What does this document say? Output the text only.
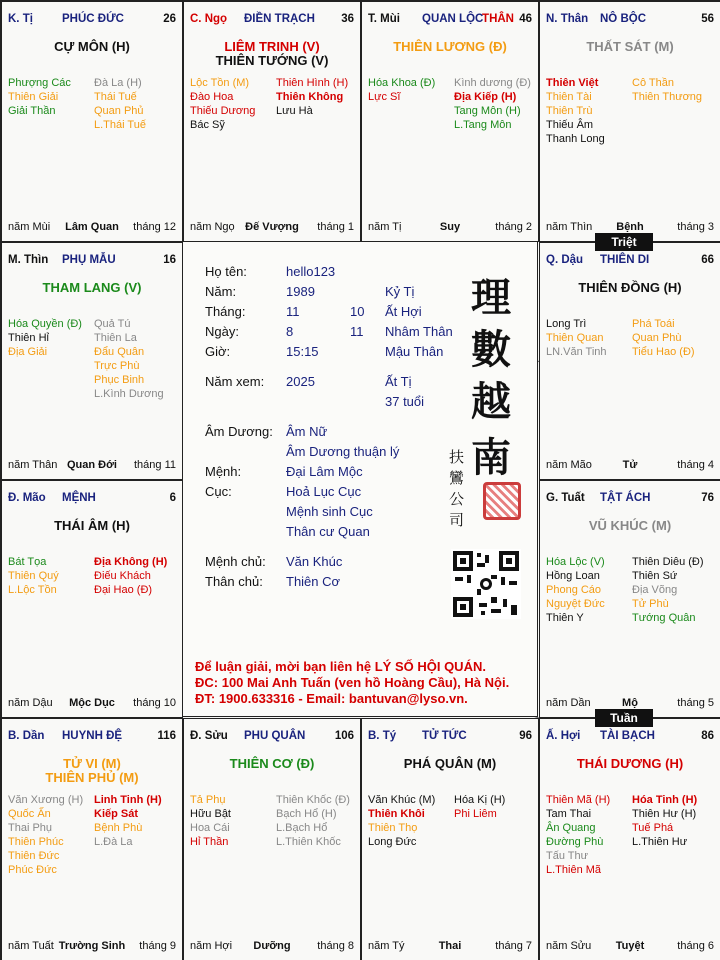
K. Tị	PHÚC ĐỨC	26
CỰ MÔN (H)
Phượng Các
Thiên Giải
Giải Thần
Đà La (H)
Thái Tuế
Quan Phủ
L.Thái Tuế
năm Mùi	Lâm Quan	tháng 12
C. Ngọ ĐIỀN TRẠCH 36
LIÊM TRINH (V)
THIÊN TƯỚNG (V)
Lộc Tồn (M)
Đào Hoa
Thiếu Dương
Bác Sỹ
Thiên Hình (H)
Thiên Không
Lưu Hà
năm Ngọ Đế Vượng	tháng 1
T. Mùi QUAN LỘC
THÂN 46
THIÊN LƯƠNG (Đ)
Hóa Khoa (Đ)
Lực Sĩ
Kình dương (Đ)
Địa Kiếp (H)
Tang Môn (H)
L.Tang Môn
năm Tị	Suy	tháng 2
N. Thân NÔ BỘC	56
THẤT SÁT (M)
Thiên Việt
Thiên Tài
Thiên Trù
Thiếu Âm
Thanh Long
Cô Thần
Thiên Thương
năm Thìn	Bệnh	tháng 3
M. Thìn PHỤ MẪU	16
THAM LANG (V)
Hóa Quyền (Đ)
Thiên Hỉ
Địa Giải
Quả Tú
Thiên La
Đẩu Quân
Trực Phù
Phục Binh
L.Kình Dương
năm Thân Quan Đới	tháng 11
Q. Dậu THIÊN DI	66
THIÊN ĐỒNG (H)
Long Trì
Thiên Quan
LN.Văn Tinh
Phá Toái
Quan Phù
Tiểu Hao (Đ)
năm Mão	Tử	tháng 4
Đ. Mão MỆNH	6
THÁI ÂM (H)
Bát Tọa
Thiên Quý
L.Lộc Tồn
Địa Không (H)
Điếu Khách
Đại Hao (Đ)
năm Dậu	Mộc Dục	tháng 10
G. Tuất TẬT ÁCH	76
VŨ KHÚC (M)
Hóa Lộc (V)
Hồng Loan
Phong Cáo
Nguyệt Đức
Thiên Y
Thiên Diêu (Đ)
Thiên Sứ
Địa Võng
Tử Phù
Tướng Quân
năm Dần	Mộ	tháng 5
B. Dần HUYNH ĐỆ	116
TỬ VI (M)
THIÊN PHỦ (M)
Văn Xương (H)
Quốc Ấn
Thai Phụ
Thiên Phúc
Thiên Đức
Phúc Đức
Linh Tinh (H)
Kiếp Sát
Bệnh Phù
L.Đà La
năm Tuất Trường Sinh	tháng 9
Đ. Sửu PHU QUÂN	106
THIÊN CƠ (Đ)
Tả Phụ
Hữu Bật
Hoa Cái
Hỉ Thần
Thiên Khốc (Đ)
Bạch Hổ (H)
L.Bạch Hổ
L.Thiên Khốc
năm Hợi	Dưỡng	tháng 8
B. Tý TỬ TỨC	96
PHÁ QUÂN (M)
Văn Khúc (M)
Thiên Khôi
Thiên Thọ
Long Đức
Hóa Kị (H)
Phi Liêm
năm Tý	Thai	tháng 7
Ấ. Hợi TÀI BẠCH	86
THÁI DƯƠNG (H)
Thiên Mã (H)
Tam Thai
Ân Quang
Đường Phù
Tấu Thư
L.Thiên Mã
Hóa Tinh (H)
Thiên Hư (H)
Tuế Phá
L.Thiên Hư
năm Sửu	Tuyệt	tháng 6
Họ tên:	hello123
Năm:	1989	Kỷ Tị
Tháng:	11	10 Ất Hợi
Ngày:	8	11 Nhâm Thân
Giờ:	15:15	Mậu Thân
Năm xem: 2025	Ất Tị
37 tuổi
Âm Dương: Âm Nữ
Âm Dương thuận lý
Mệnh:	Đại Lâm Mộc
Cục:	Hoả Lục Cục
Mệnh sinh Cục
Thân cư Quan
Mệnh chủ: Văn Khúc
Thân chủ: Thiên Cơ
理
數
越
南
扶
鸞
公
司
Để luận giải, mời bạn liên hệ LÝ SỐ HỘI QUÁN.
ĐC: 100 Mai Anh Tuấn (ven hồ Hoàng Cầu), Hà Nội.
ĐT: 1900.633316 - Email: bantuvan@lyso.vn.
Triệt
Tuần
